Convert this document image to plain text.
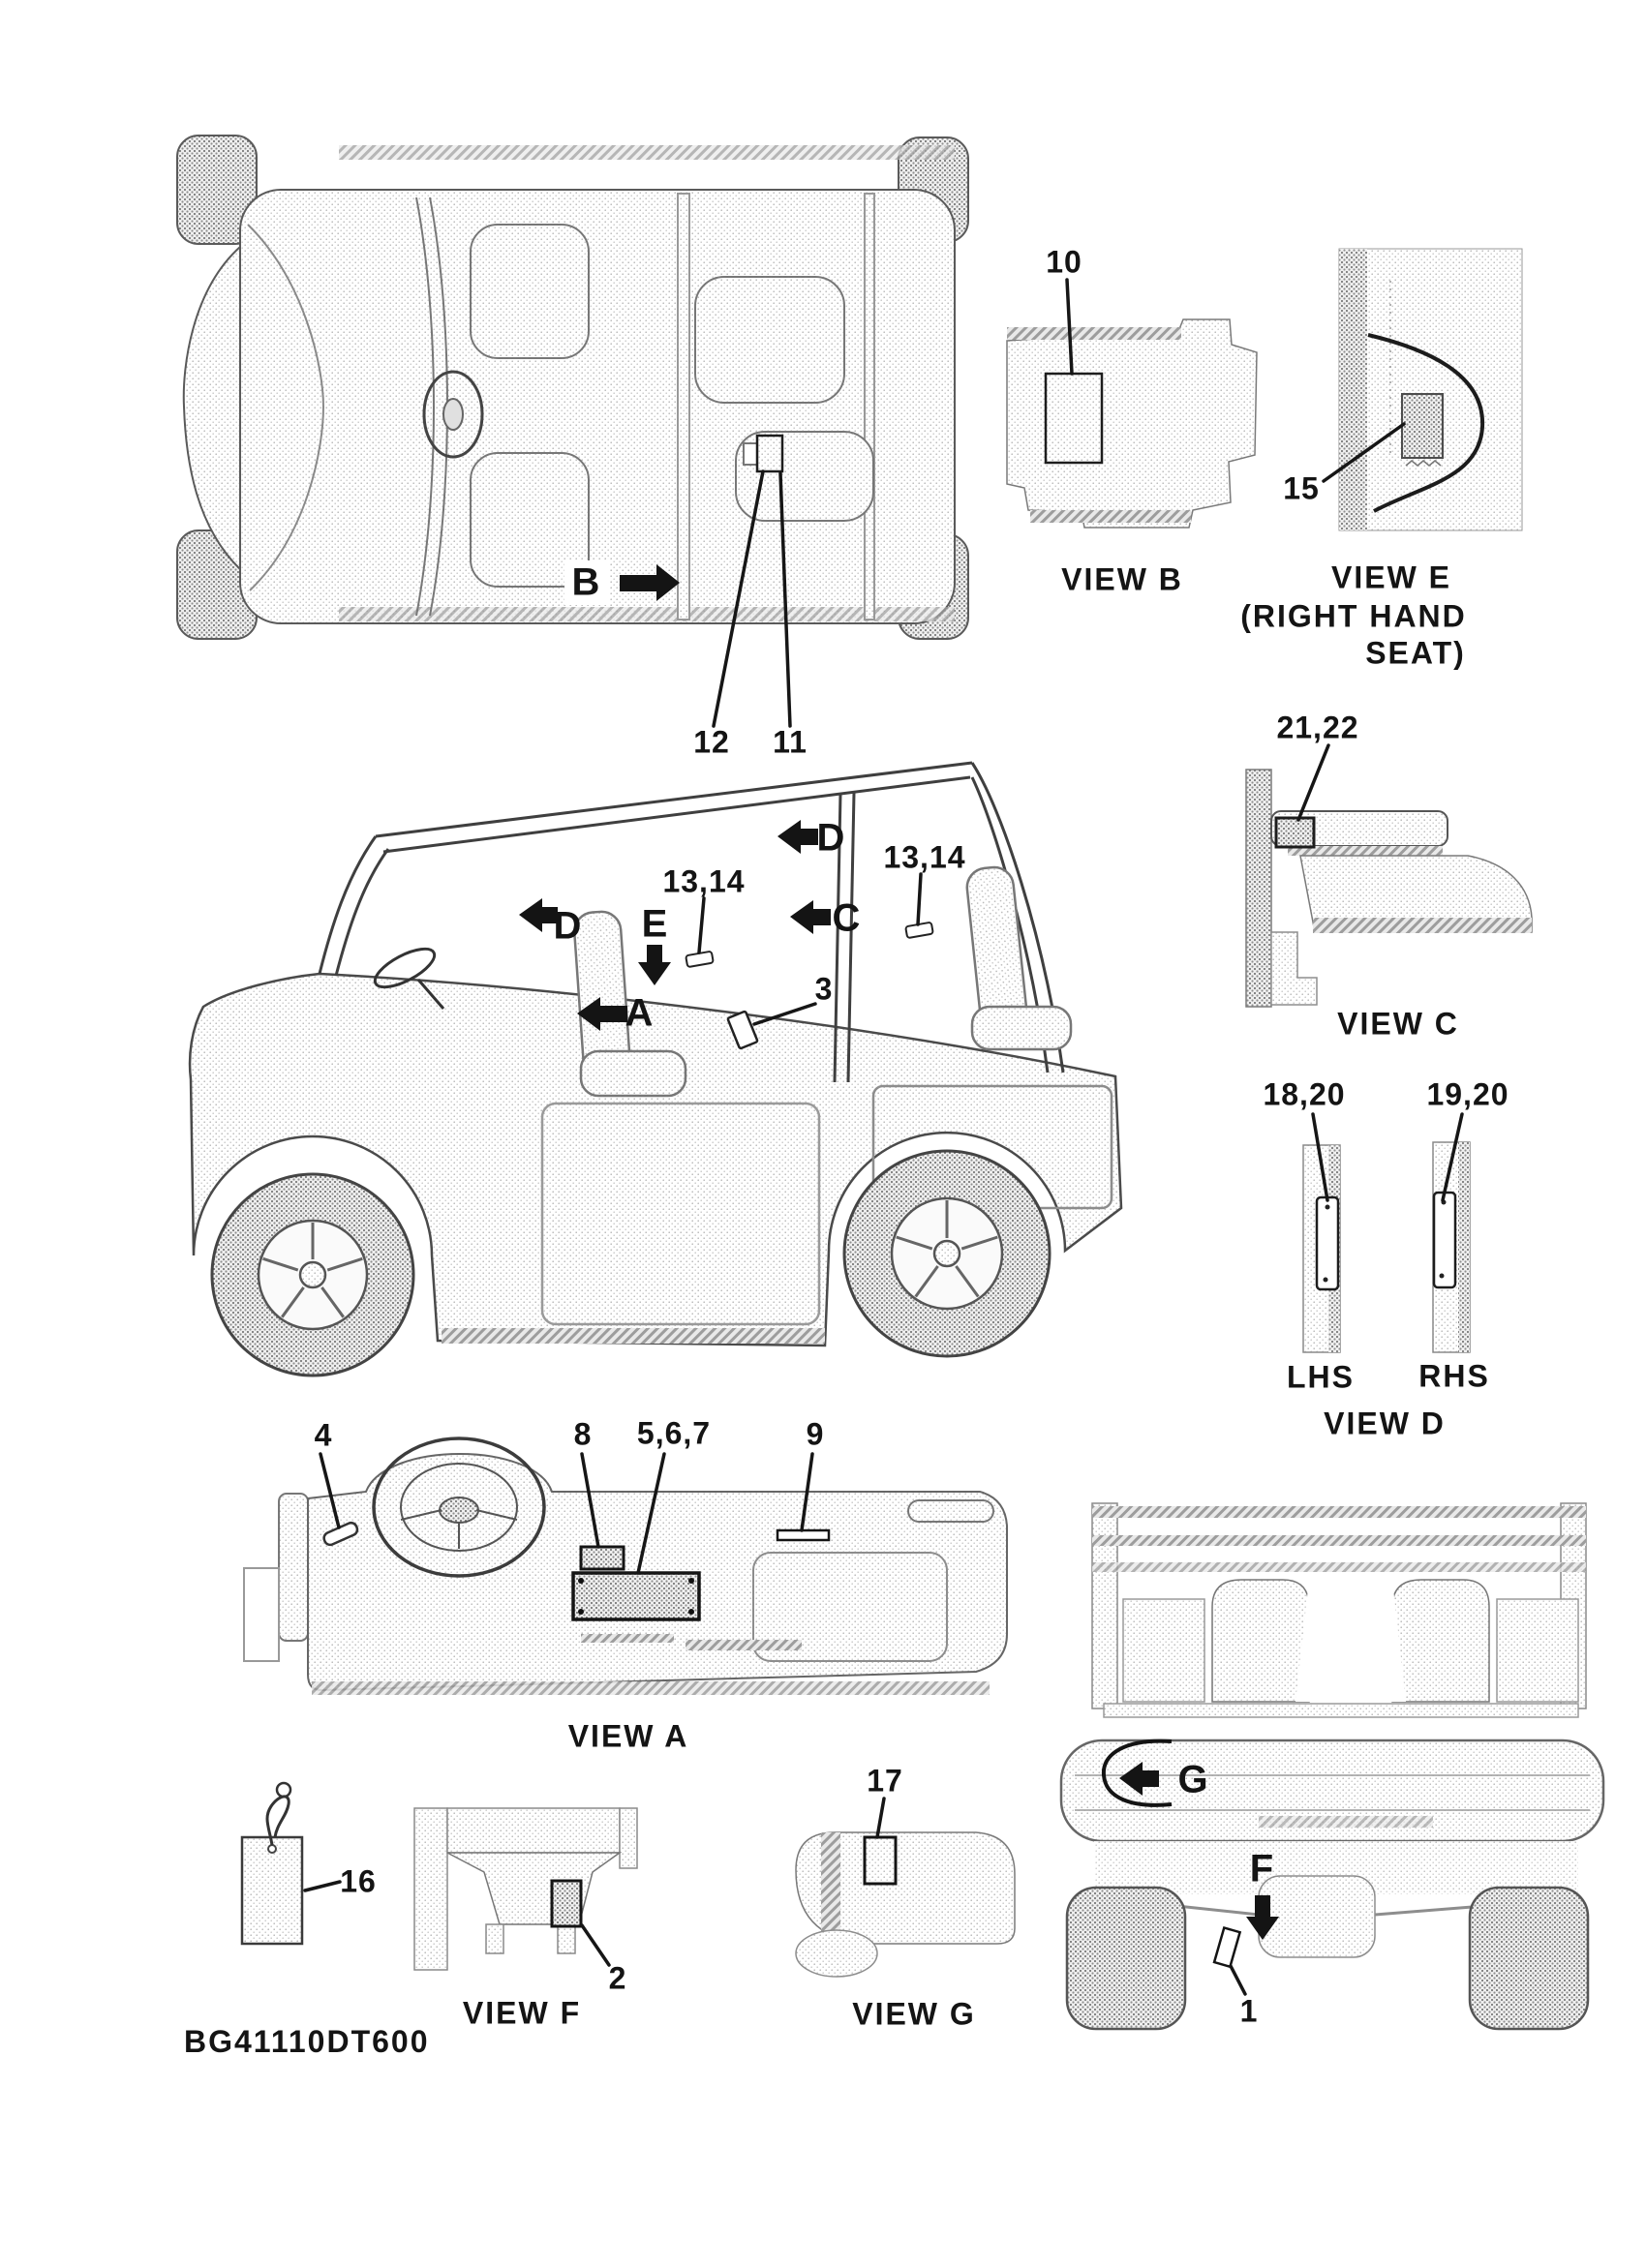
10
15
VIEW B	VIEW E
(RIGHT HAND
SEAT)
B
12 11	21,22
D
D
13,14
13,14
E	C
A
3
VIEW C
18,20	19,20
LHS RHS
VIEW D
4	8 5,6,7	9
VIEW A
16
17	G
F
2
VIEW F	VIEW G	1
BG41110DT600
